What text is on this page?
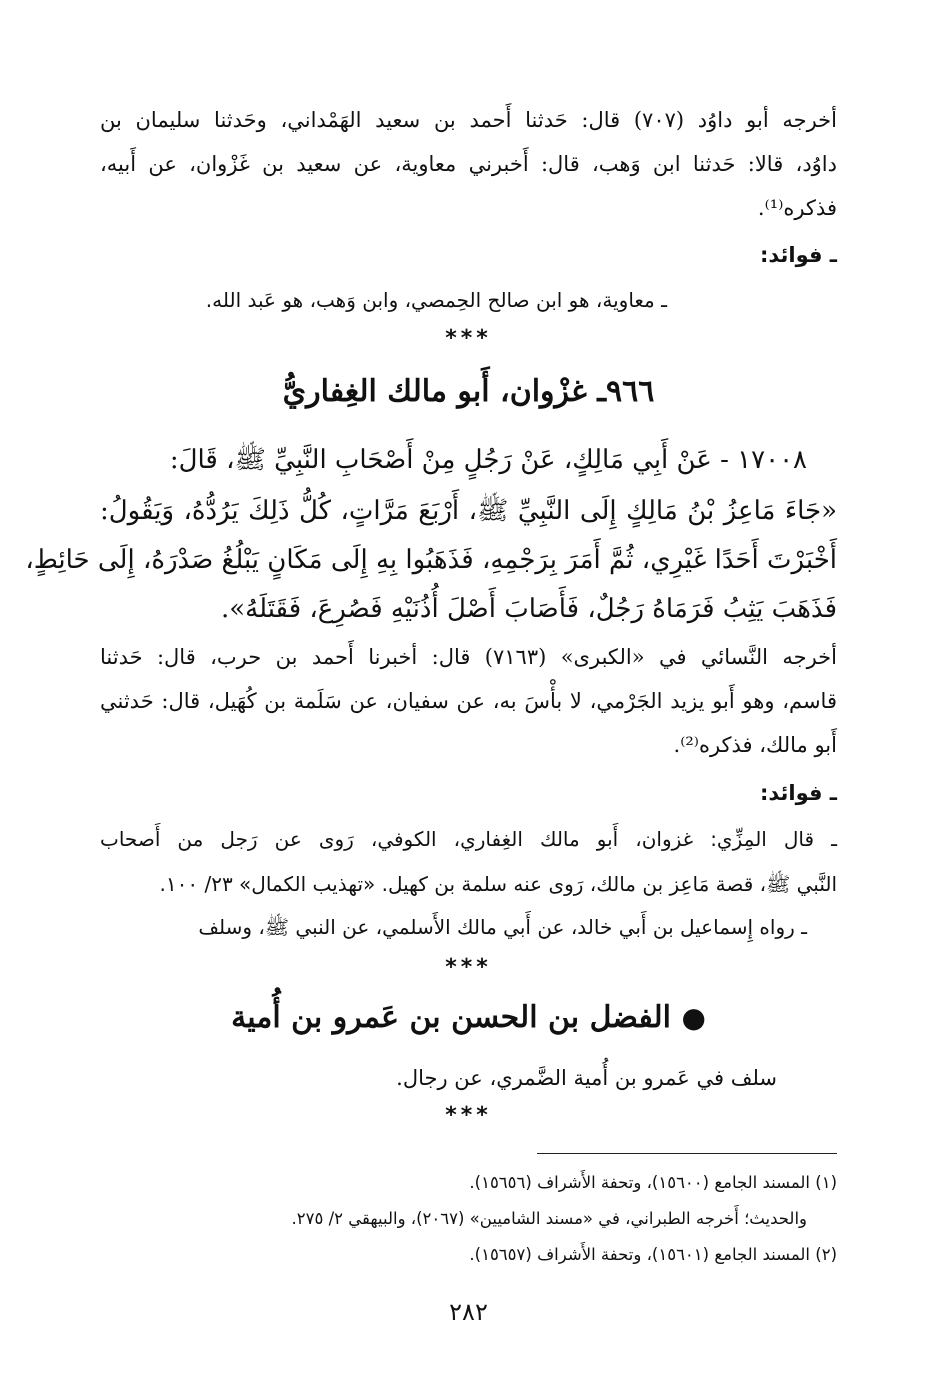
أخرجه أبو داوُد (٧٠٧) قال: حَدثنا أَحمد بن سعيد الهَمْداني، وحَدثنا سليمان بن
داوُد، قالا: حَدثنا ابن وَهب، قال: أَخبرني معاوية، عن سعيد بن غَزْوان، عن أَبيه،
فذكره⁽¹⁾.
ـ فوائد:
ـ معاوية، هو ابن صالح الحِمصي، وابن وَهب، هو عَبد الله.
***
٩٦٦ـ غزْوان، أَبو مالك الغِفاريُّ
١٧٠٠٨ - عَنْ أَبِي مَالِكٍ، عَنْ رَجُلٍ مِنْ أَصْحَابِ النَّبِيِّ ﷺ، قَالَ:
«جَاءَ مَاعِزُ بْنُ مَالِكٍ إِلَى النَّبِيِّ ﷺ، أَرْبَعَ مَرَّاتٍ، كُلُّ ذَلِكَ يَرُدُّهُ، وَيَقُولُ:
أَخْبَرْتَ أَحَدًا غَيْرِي، ثُمَّ أَمَرَ بِرَجْمِهِ، فَذَهَبُوا بِهِ إِلَى مَكَانٍ يَبْلُغُ صَدْرَهُ، إِلَى حَائِطٍ،
فَذَهَبَ يَثِبُ فَرَمَاهُ رَجُلٌ، فَأَصَابَ أَصْلَ أُذُنَيْهِ فَصُرِعَ، فَقَتَلَهُ».
أخرجه النَّسائي في «الكبرى» (٧١٦٣) قال: أخبرنا أَحمد بن حرب، قال: حَدثنا
قاسم، وهو أَبو يزيد الجَرْمي، لا بأْسَ به، عن سفيان، عن سَلَمة بن كُهَيل، قال: حَدثني
أَبو مالك، فذكره⁽²⁾.
ـ فوائد:
ـ قال المِزِّي: غزوان، أَبو مالك الغِفاري، الكوفي، رَوى عن رَجل من أَصحاب
النَّبي ﷺ، قصة مَاعِز بن مالك، رَوى عنه سلمة بن كهيل. «تهذيب الكمال» ٢٣/ ١٠٠.
ـ رواه إِسماعيل بن أَبي خالد، عن أَبي مالك الأَسلمي، عن النبي ﷺ، وسلف
***
● الفضل بن الحسن بن عَمرو بن أُمية
سلف في عَمرو بن أُمية الضَّمري، عن رجال.
***
(١) المسند الجامع (١٥٦٠٠)، وتحفة الأَشراف (١٥٦٥٦).
والحديث؛ أَخرجه الطبراني، في «مسند الشاميين» (٢٠٦٧)، والبيهقي ٢/ ٢٧٥.
(٢) المسند الجامع (١٥٦٠١)، وتحفة الأَشراف (١٥٦٥٧).
٢٨٢
